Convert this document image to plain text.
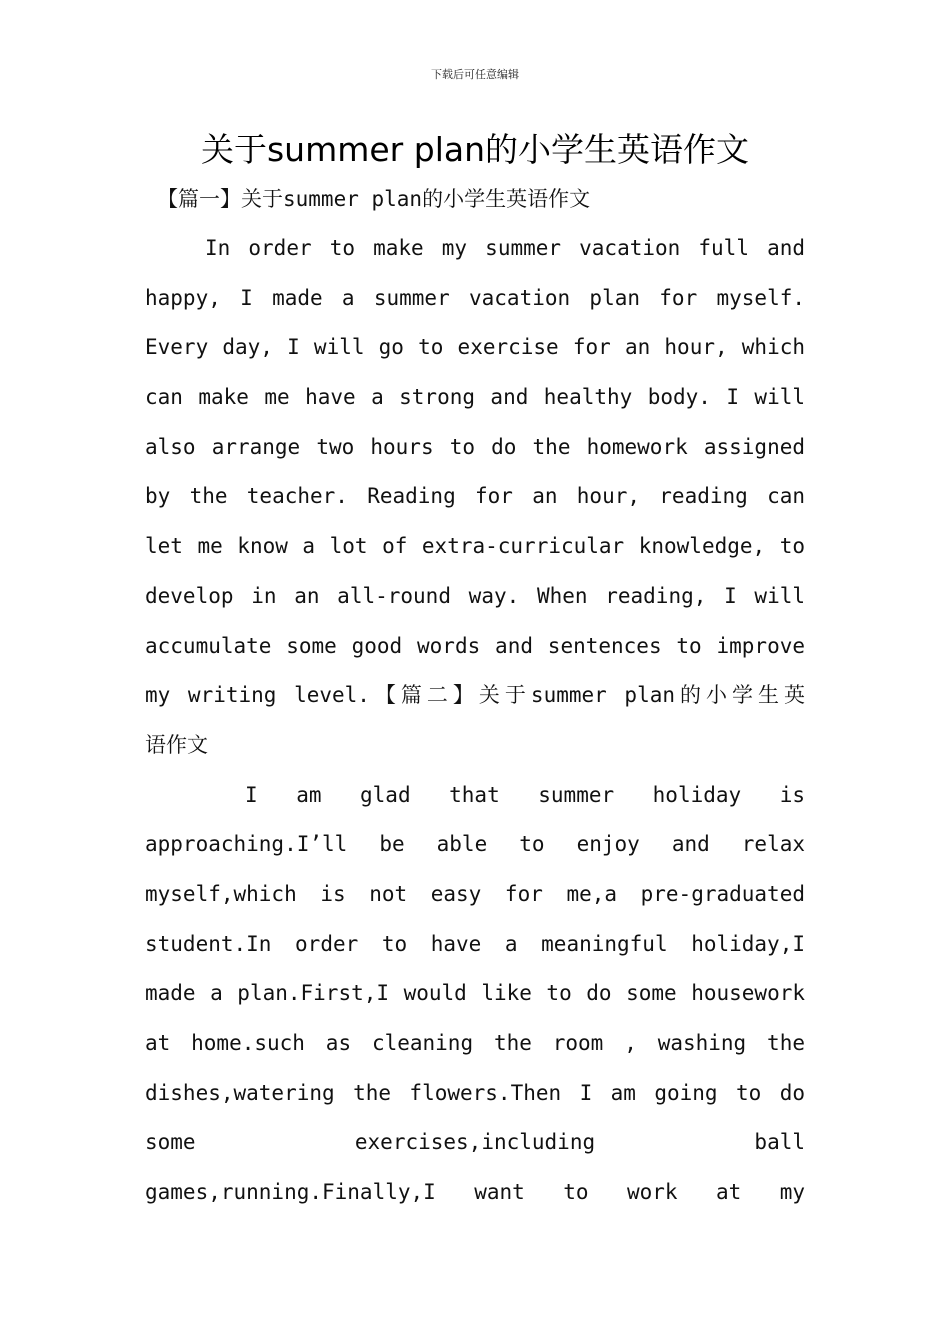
下载后可任意编辑
关于summer plan的小学生英语作文
【篇一】关于summer plan的小学生英语作文
In order to make my summer vacation full and
happy, I made a summer vacation plan for myself.
Every day, I will go to exercise for an hour, which
can make me have a strong and healthy body. I will
also arrange two hours to do the homework assigned
by the teacher. Reading for an hour, reading can
let me know a lot of extra-curricular knowledge, to
develop in an all-round way. When reading, I will
accumulate some good words and sentences to improve
my writing level.【篇二】关于summer plan的小学生英
语作文
I am glad that summer holiday is
approaching.I’ll be able to enjoy and relax
myself,which is not easy for me,a pre-graduated
student.In order to have a meaningful holiday,I
made a plan.First,I would like to do some housework
at home.such as cleaning the room , washing the
dishes,watering the flowers.Then I am going to do
some exercises,including ball
games,running.Finally,I want to work at my
